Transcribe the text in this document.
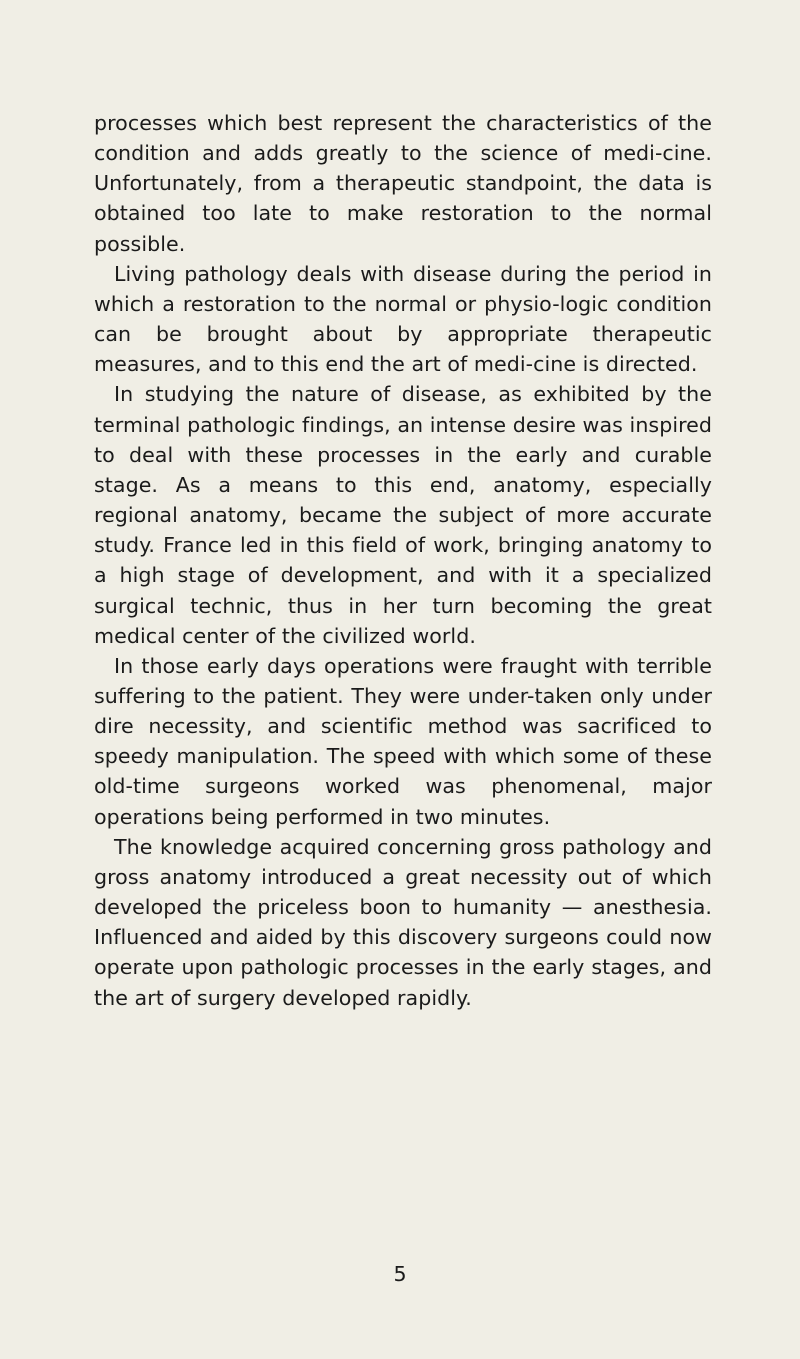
processes which best represent the characteristics of the condition and adds greatly to the science of medi-cine. Unfortunately, from a therapeutic standpoint, the data is obtained too late to make restoration to the normal possible.

Living pathology deals with disease during the period in which a restoration to the normal or physio-logic condition can be brought about by appropriate therapeutic measures, and to this end the art of medi-cine is directed.

In studying the nature of disease, as exhibited by the terminal pathologic findings, an intense desire was inspired to deal with these processes in the early and curable stage. As a means to this end, anatomy, especially regional anatomy, became the subject of more accurate study. France led in this field of work, bringing anatomy to a high stage of development, and with it a specialized surgical technic, thus in her turn becoming the great medical center of the civilized world.

In those early days operations were fraught with terrible suffering to the patient. They were under-taken only under dire necessity, and scientific method was sacrificed to speedy manipulation. The speed with which some of these old-time surgeons worked was phenomenal, major operations being performed in two minutes.

The knowledge acquired concerning gross pathology and gross anatomy introduced a great necessity out of which developed the priceless boon to humanity — anesthesia. Influenced and aided by this discovery surgeons could now operate upon pathologic processes in the early stages, and the art of surgery developed rapidly.

5
